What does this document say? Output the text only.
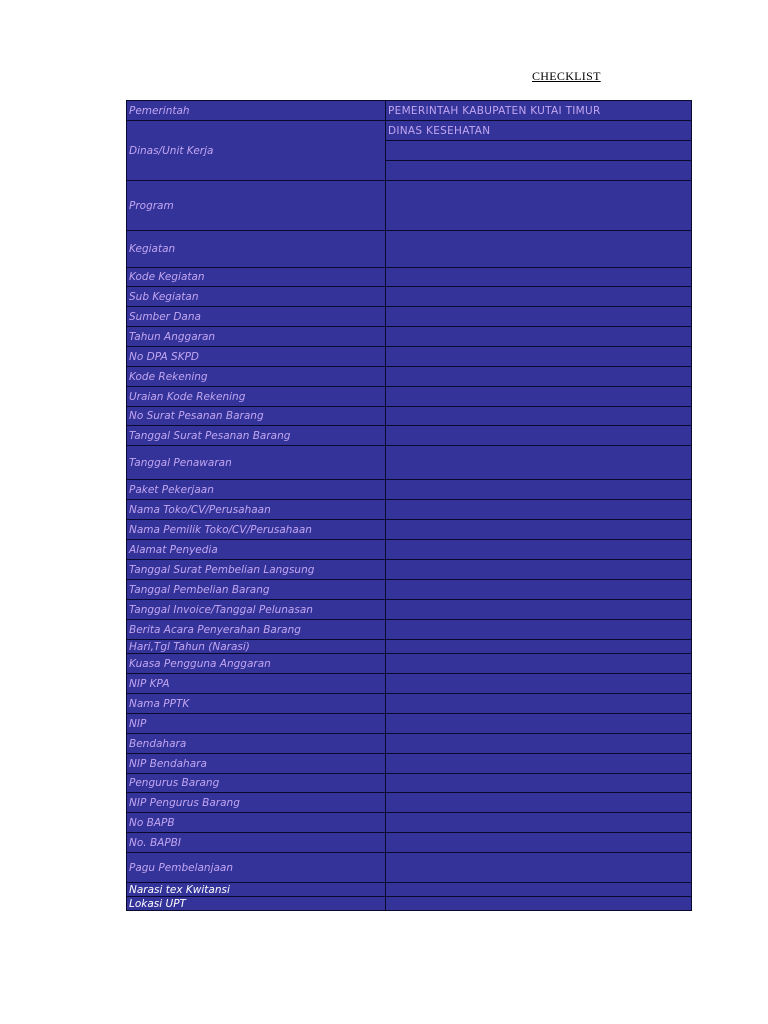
CHECKLIST
Pemerintah	PEMERINTAH KABUPATEN KUTAI TIMUR
Dinas/Unit Kerja	DINAS KESEHATAN

Program	
Kegiatan	
Kode Kegiatan	
Sub Kegiatan	
Sumber Dana	
Tahun Anggaran	
No DPA SKPD	
Kode Rekening	
Uraian Kode Rekening	
No Surat Pesanan Barang	
Tanggal Surat Pesanan Barang	
Tanggal Penawaran	
Paket Pekerjaan	
Nama Toko/CV/Perusahaan	
Nama Pemilik Toko/CV/Perusahaan	
Alamat Penyedia	
Tanggal Surat Pembelian Langsung	
Tanggal Pembelian Barang	
Tanggal Invoice/Tanggal Pelunasan	
Berita Acara Penyerahan Barang	
Hari,Tgl Tahun (Narasi)	
Kuasa Pengguna Anggaran	
NIP KPA	
Nama PPTK	
NIP	
Bendahara	
NIP Bendahara	
Pengurus Barang	
NIP Pengurus Barang	
No BAPB	
No. BAPBI	
Pagu Pembelanjaan	
Narasi tex Kwitansi	
Lokasi UPT	
